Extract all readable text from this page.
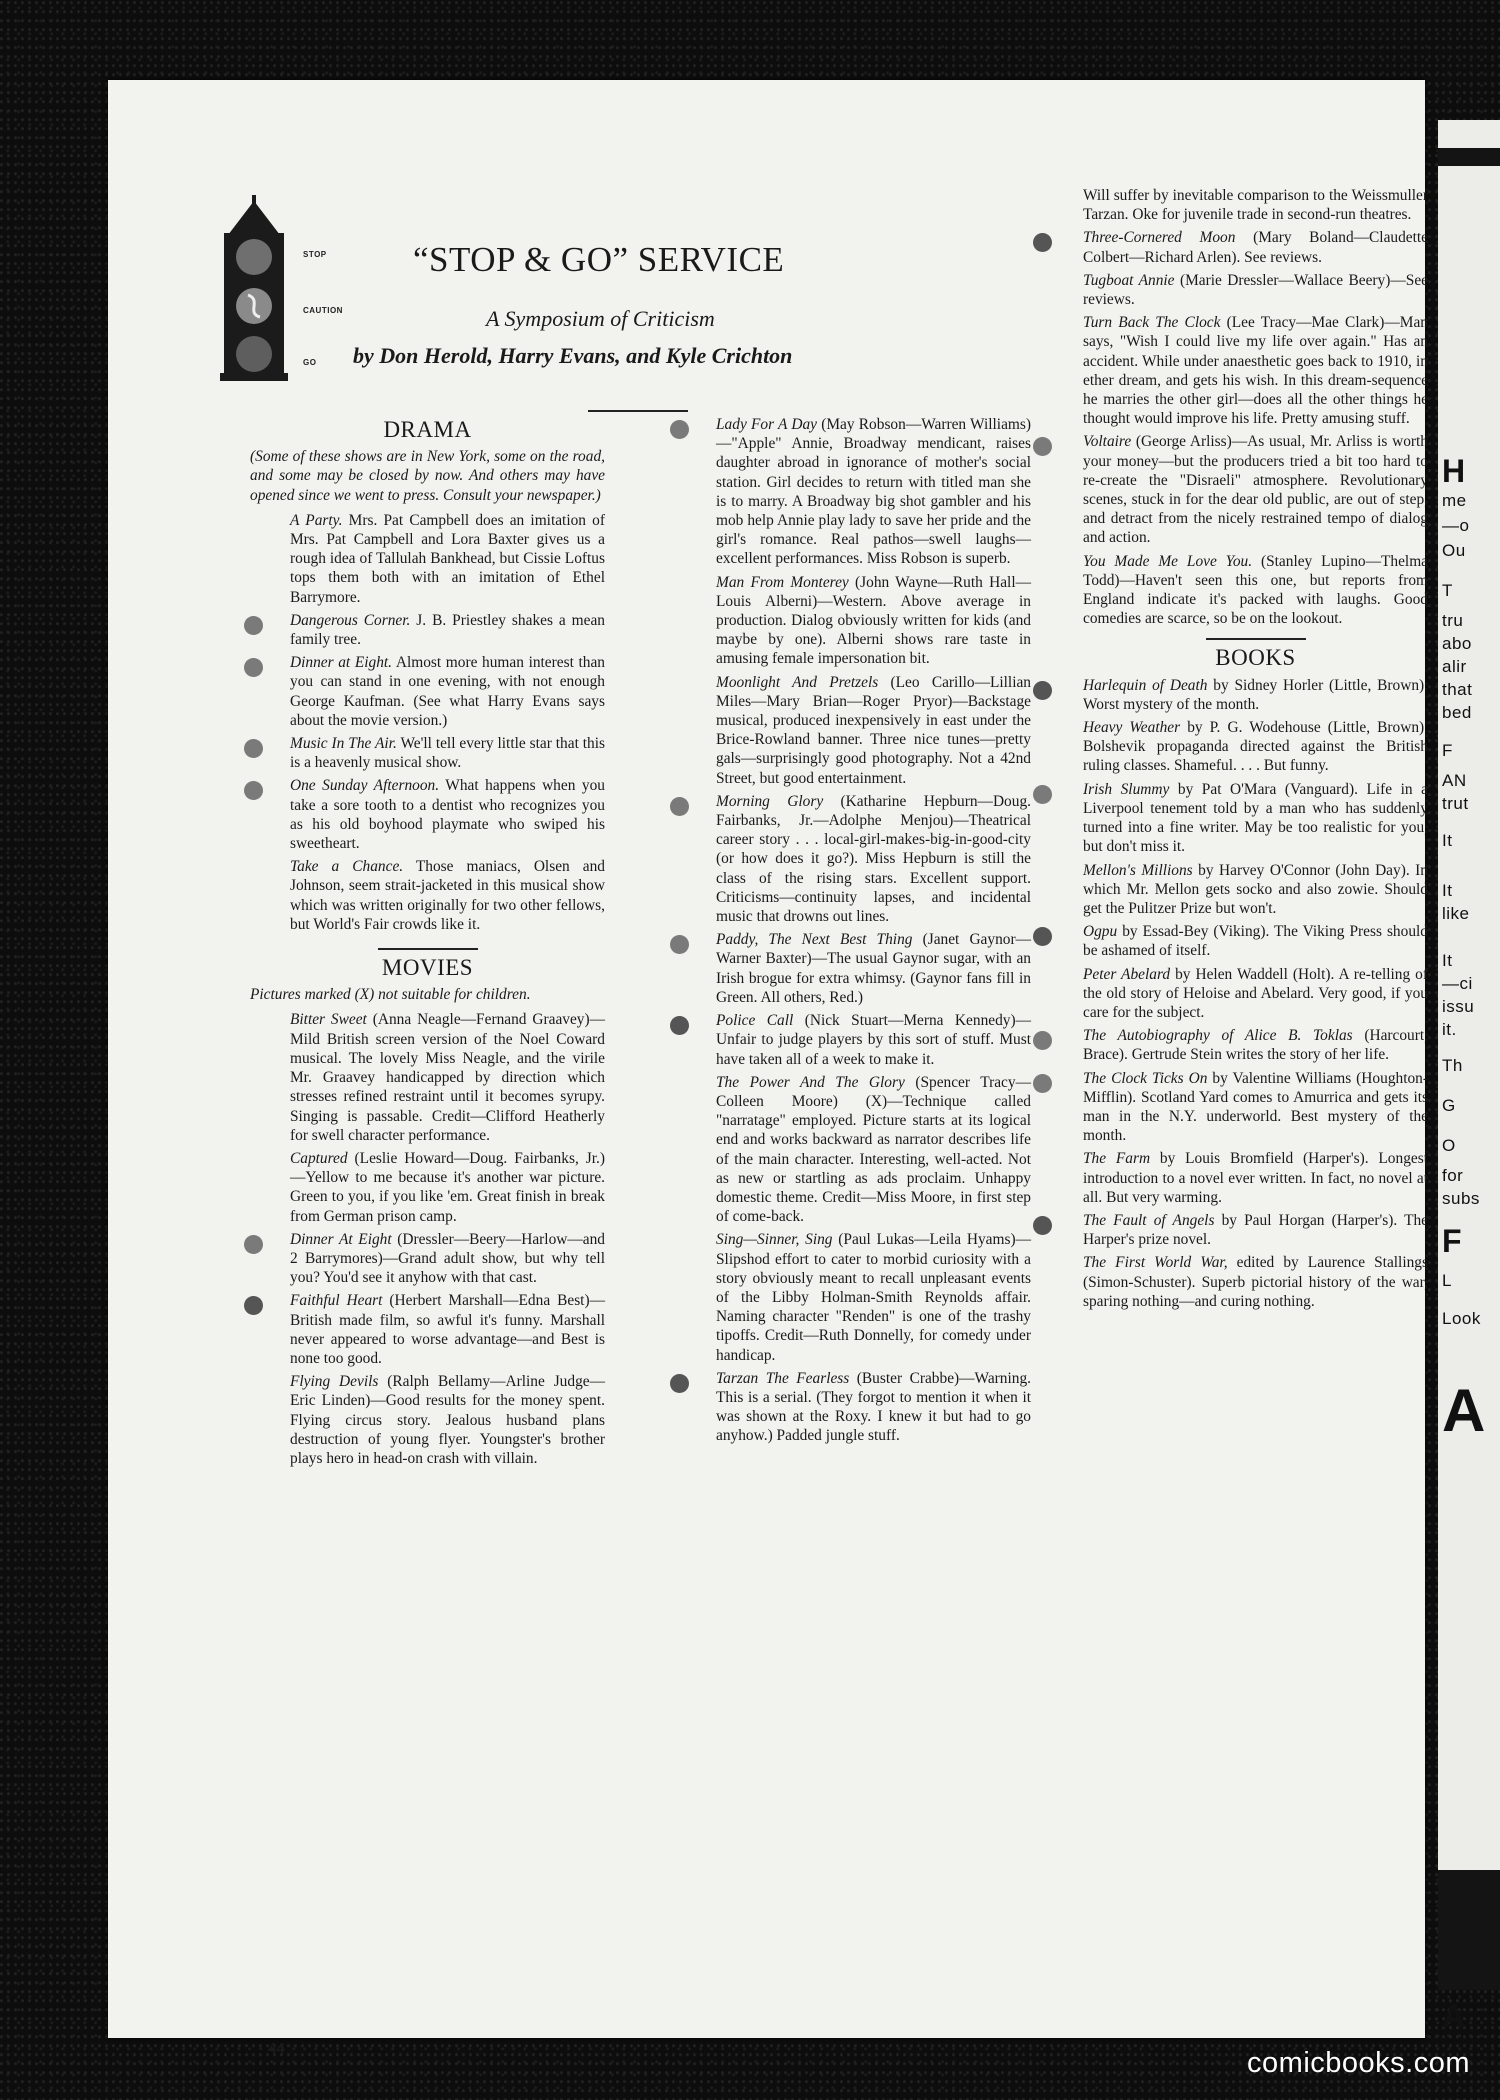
H
me
—o
Ou
T
tru
abo
alir
that
bed
F
AN
trut
It
It
like
It
—ci
issu
it.
Th
G
O
for
subs
F
L
Look
A
A
STOP
CAUTION
GO
“STOP & GO” SERVICE

A Symposium of Criticism

by Don Herold, Harry Evans, and Kyle Crichton

DRAMA

(Some of these shows are in New York, some on the road, and some may be closed by now. And others may have opened since we went to press. Consult your newspaper.)

A Party. Mrs. Pat Campbell does an imitation of Mrs. Pat Campbell and Lora Baxter gives us a rough idea of Tallulah Bankhead, but Cissie Loftus tops them both with an imitation of Ethel Barrymore.

Dangerous Corner. J. B. Priestley shakes a mean family tree.

Dinner at Eight. Almost more human interest than you can stand in one evening, with not enough George Kaufman. (See what Harry Evans says about the movie version.)

Music In The Air. We'll tell every little star that this is a heavenly musical show.

One Sunday Afternoon. What happens when you take a sore tooth to a dentist who recognizes you as his old boyhood playmate who swiped his sweetheart.

Take a Chance. Those maniacs, Olsen and Johnson, seem strait-jacketed in this musical show which was written originally for two other fellows, but World's Fair crowds like it.

MOVIES

Pictures marked (X) not suitable for children.

Bitter Sweet (Anna Neagle—Fernand Graavey)—Mild British screen version of the Noel Coward musical. The lovely Miss Neagle, and the virile Mr. Graavey handicapped by direction which stresses refined restraint until it becomes syrupy. Singing is passable. Credit—Clifford Heatherly for swell character performance.

Captured (Leslie Howard—Doug. Fairbanks, Jr.)—Yellow to me because it's another war picture. Green to you, if you like 'em. Great finish in break from German prison camp.

Dinner At Eight (Dressler—Beery—Harlow—and 2 Barrymores)—Grand adult show, but why tell you? You'd see it anyhow with that cast.

Faithful Heart (Herbert Marshall—Edna Best)—British made film, so awful it's funny. Marshall never appeared to worse advantage—and Best is none too good.

Flying Devils (Ralph Bellamy—Arline Judge—Eric Linden)—Good results for the money spent. Flying circus story. Jealous husband plans destruction of young flyer. Youngster's brother plays hero in head-on crash with villain.

Lady For A Day (May Robson—Warren Williams)—"Apple" Annie, Broadway mendicant, raises daughter abroad in ignorance of mother's social station. Girl decides to return with titled man she is to marry. A Broadway big shot gambler and his mob help Annie play lady to save her pride and the girl's romance. Real pathos—swell laughs—excellent performances. Miss Robson is superb.

Man From Monterey (John Wayne—Ruth Hall—Louis Alberni)—Western. Above average in production. Dialog obviously written for kids (and maybe by one). Alberni shows rare taste in amusing female impersonation bit.

Moonlight And Pretzels (Leo Carillo—Lillian Miles—Mary Brian—Roger Pryor)—Backstage musical, produced inexpensively in east under the Brice-Rowland banner. Three nice tunes—pretty gals—surprisingly good photography. Not a 42nd Street, but good entertainment.

Morning Glory (Katharine Hepburn—Doug. Fairbanks, Jr.—Adolphe Menjou)—Theatrical career story . . . local-girl-makes-big-in-good-city (or how does it go?). Miss Hepburn is still the class of the rising stars. Excellent support. Criticisms—continuity lapses, and incidental music that drowns out lines.

Paddy, The Next Best Thing (Janet Gaynor—Warner Baxter)—The usual Gaynor sugar, with an Irish brogue for extra whimsy. (Gaynor fans fill in Green. All others, Red.)

Police Call (Nick Stuart—Merna Kennedy)—Unfair to judge players by this sort of stuff. Must have taken all of a week to make it.

The Power And The Glory (Spencer Tracy—Colleen Moore) (X)—Technique called "narratage" employed. Picture starts at its logical end and works backward as narrator describes life of the main character. Interesting, well-acted. Not as new or startling as ads proclaim. Unhappy domestic theme. Credit—Miss Moore, in first step of come-back.

Sing—Sinner, Sing (Paul Lukas—Leila Hyams)—Slipshod effort to cater to morbid curiosity with a story obviously meant to recall unpleasant events of the Libby Holman-Smith Reynolds affair. Naming character "Renden" is one of the trashy tipoffs. Credit—Ruth Donnelly, for comedy under handicap.

Tarzan The Fearless (Buster Crabbe)—Warning. This is a serial. (They forgot to mention it when it was shown at the Roxy. I knew it but had to go anyhow.) Padded jungle stuff.

Will suffer by inevitable comparison to the Weissmuller Tarzan. Oke for juvenile trade in second-run theatres.

Three-Cornered Moon (Mary Boland—Claudette Colbert—Richard Arlen). See reviews.

Tugboat Annie (Marie Dressler—Wallace Beery)—See reviews.

Turn Back The Clock (Lee Tracy—Mae Clark)—Man says, "Wish I could live my life over again." Has an accident. While under anaesthetic goes back to 1910, in ether dream, and gets his wish. In this dream-sequence he marries the other girl—does all the other things he thought would improve his life. Pretty amusing stuff.

Voltaire (George Arliss)—As usual, Mr. Arliss is worth your money—but the producers tried a bit too hard to re-create the "Disraeli" atmosphere. Revolutionary scenes, stuck in for the dear old public, are out of step, and detract from the nicely restrained tempo of dialog and action.

You Made Me Love You. (Stanley Lupino—Thelma Todd)—Haven't seen this one, but reports from England indicate it's packed with laughs. Good comedies are scarce, so be on the lookout.

BOOKS

Harlequin of Death by Sidney Horler (Little, Brown). Worst mystery of the month.

Heavy Weather by P. G. Wodehouse (Little, Brown). Bolshevik propaganda directed against the British ruling classes. Shameful. . . . But funny.

Irish Slummy by Pat O'Mara (Vanguard). Life in a Liverpool tenement told by a man who has suddenly turned into a fine writer. May be too realistic for you, but don't miss it.

Mellon's Millions by Harvey O'Connor (John Day). In which Mr. Mellon gets socko and also zowie. Should get the Pulitzer Prize but won't.

Ogpu by Essad-Bey (Viking). The Viking Press should be ashamed of itself.

Peter Abelard by Helen Waddell (Holt). A re-telling of the old story of Heloise and Abelard. Very good, if you care for the subject.

The Autobiography of Alice B. Toklas (Harcourt, Brace). Gertrude Stein writes the story of her life.

The Clock Ticks On by Valentine Williams (Houghton-Mifflin). Scotland Yard comes to Amurrica and gets its man in the N.Y. underworld. Best mystery of the month.

The Farm by Louis Bromfield (Harper's). Longest introduction to a novel ever written. In fact, no novel at all. But very warming.

The Fault of Angels by Paul Horgan (Harper's). The Harper's prize novel.

The First World War, edited by Laurence Stallings (Simon-Schuster). Superb pictorial history of the war, sparing nothing—and curing nothing.

44	comicbooks.com
